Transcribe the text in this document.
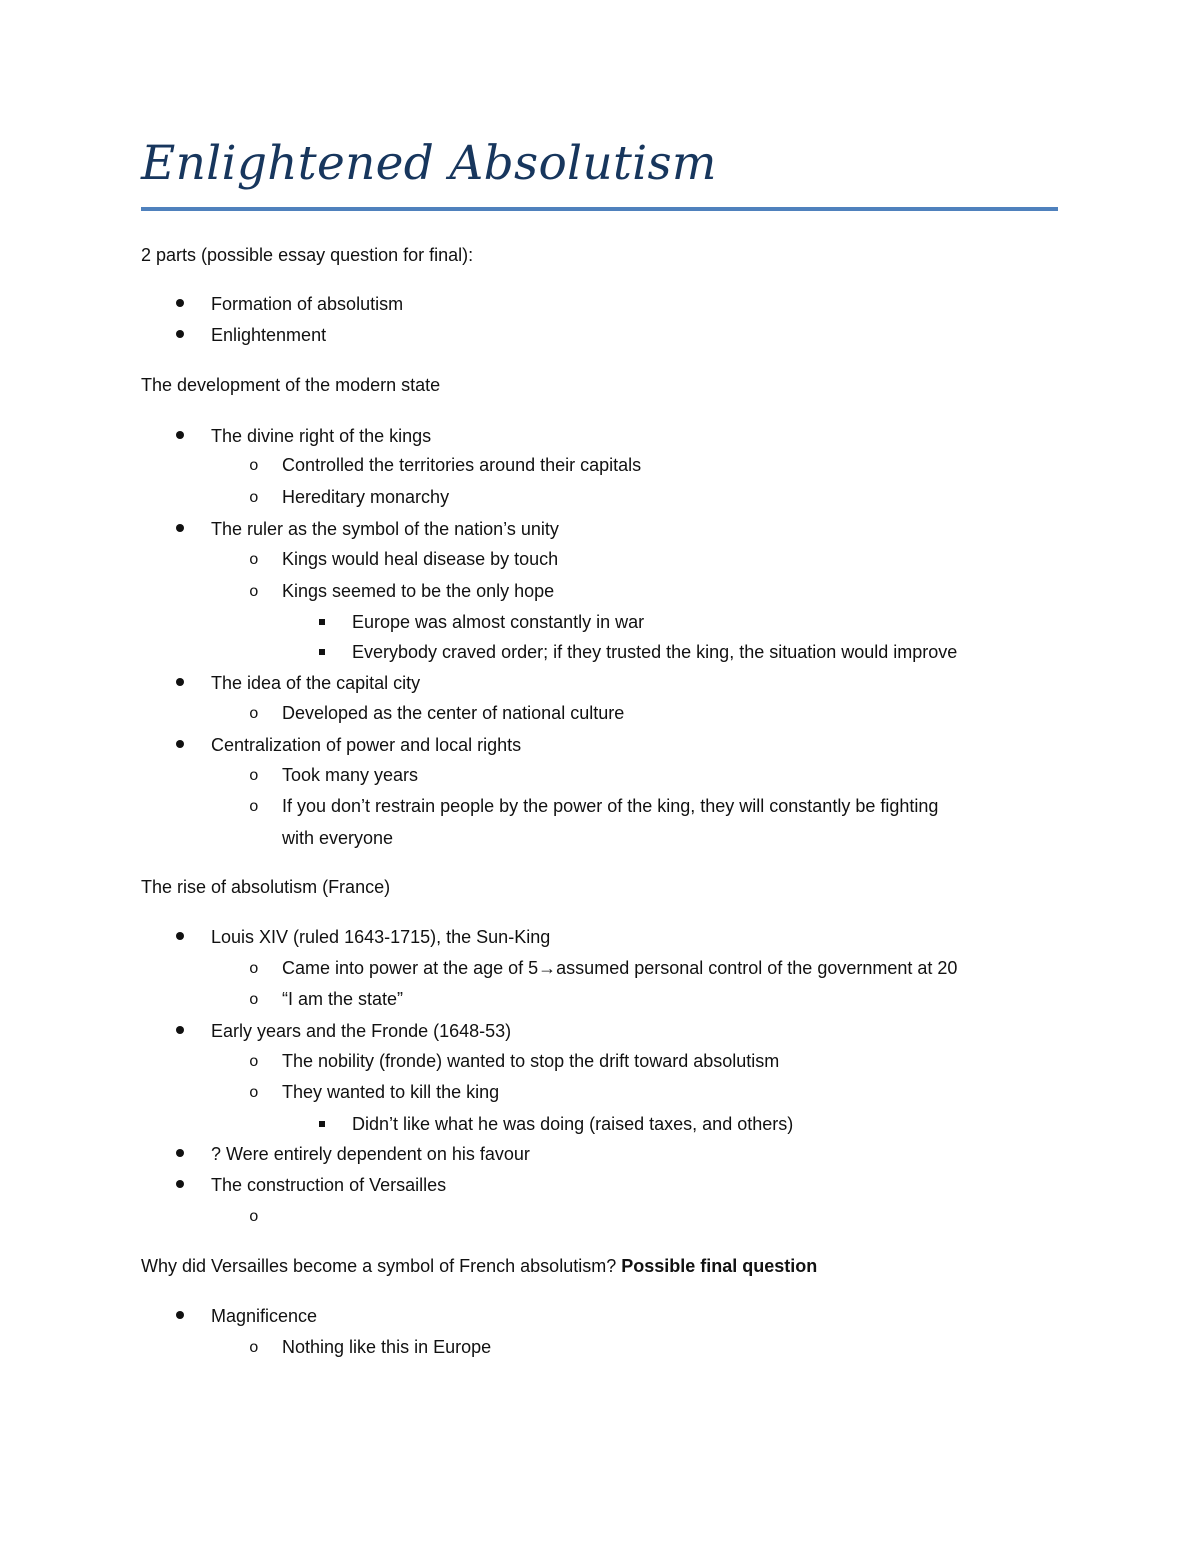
Enlightened Absolutism
2 parts (possible essay question for final):
Formation of absolutism
Enlightenment
The development of the modern state
The divine right of the kings
o Controlled the territories around their capitals
o Hereditary monarchy
The ruler as the symbol of the nation’s unity
o Kings would heal disease by touch
o Kings seemed to be the only hope
Europe was almost constantly in war
Everybody craved order; if they trusted the king, the situation would improve
The idea of the capital city
o Developed as the center of national culture
Centralization of power and local rights
o Took many years
o If you don’t restrain people by the power of the king, they will constantly be fighting
with everyone
The rise of absolutism (France)
Louis XIV (ruled 1643-1715), the Sun-King
o Came into power at the age of 5→assumed personal control of the government at 20
o “I am the state”
Early years and the Fronde (1648-53)
o The nobility (fronde) wanted to stop the drift toward absolutism
o They wanted to kill the king
Didn’t like what he was doing (raised taxes, and others)
? Were entirely dependent on his favour
The construction of Versailles
o
Why did Versailles become a symbol of French absolutism? Possible final question
Magnificence
o Nothing like this in Europe
